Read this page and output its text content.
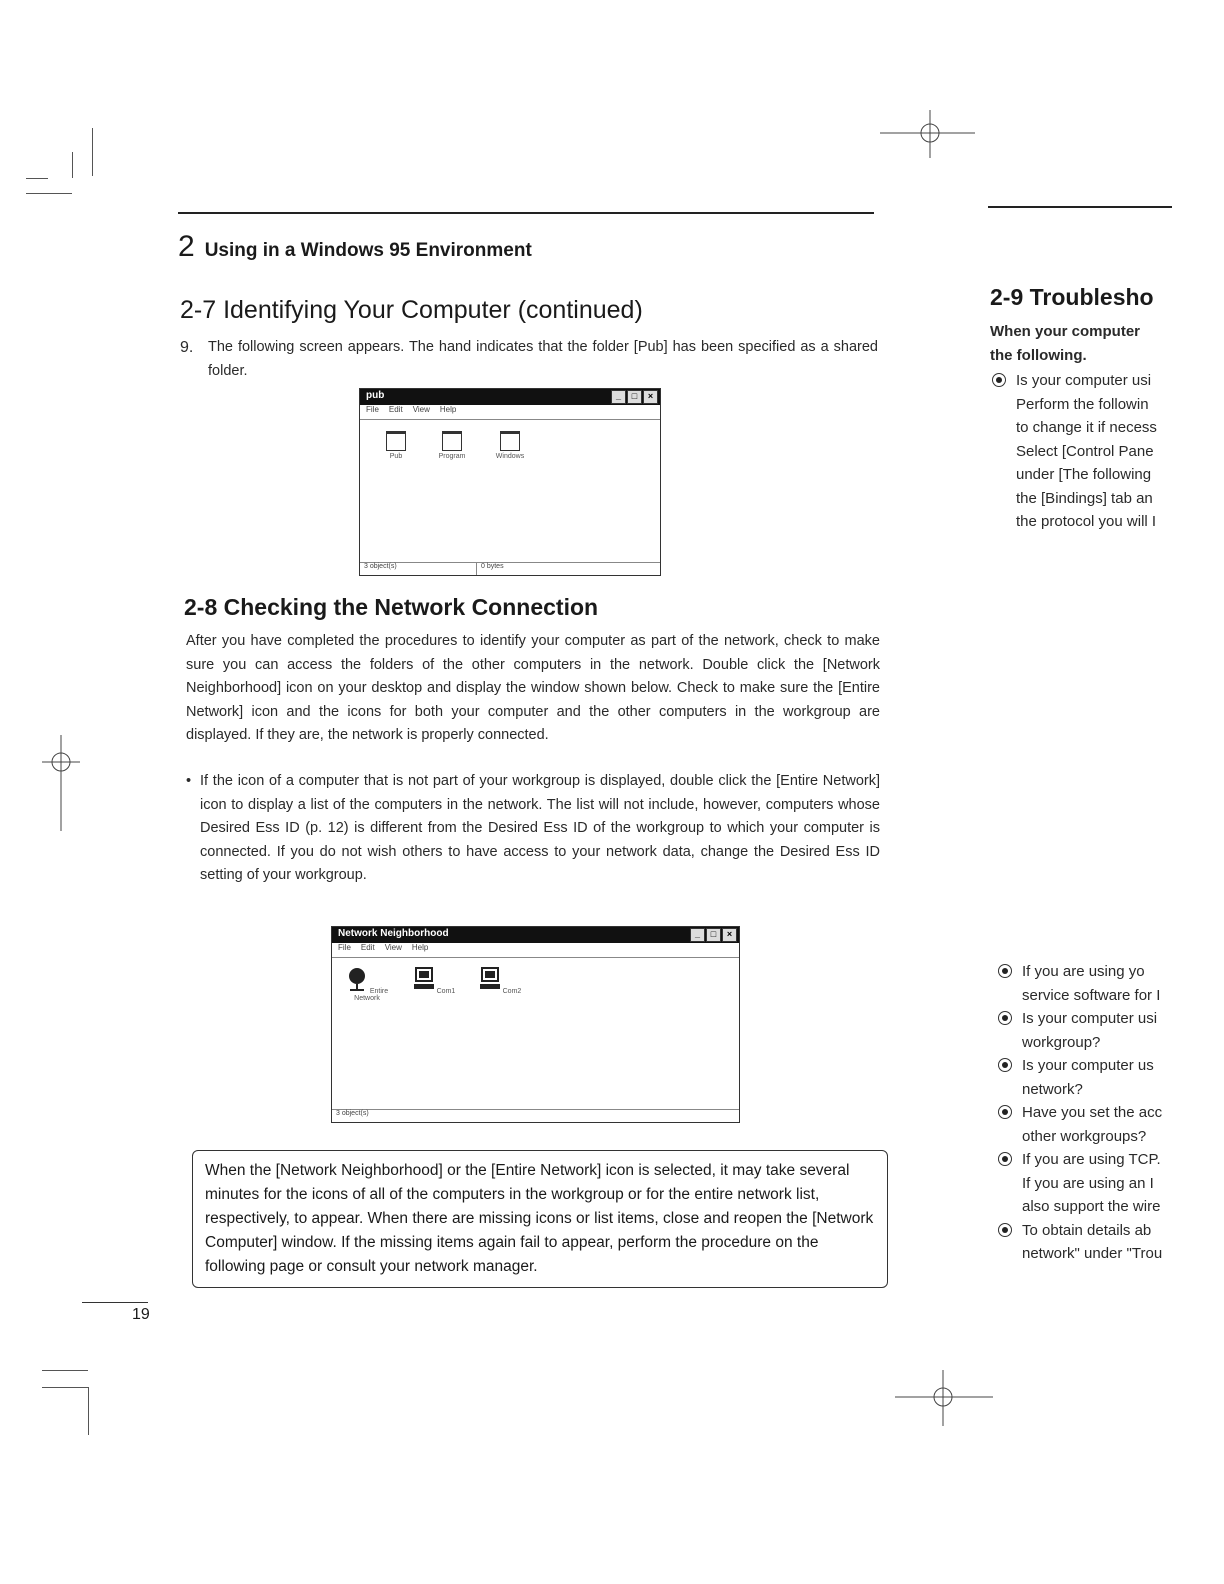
2 Using in a Windows 95 Environment
2-7 Identifying Your Computer (continued)
9. The following screen appears. The hand indicates that the folder [Pub] has been specified as a shared folder.
pub	_	□	×
File Edit View Help
Pub	Program	Windows
3 object(s)	0 bytes
2-8 Checking the Network Connection
After you have completed the procedures to identify your computer as part of the network, check to make sure you can access the folders of the other computers in the network. Double click the [Network Neighborhood] icon on your desktop and display the window shown below. Check to make sure the [Entire Network] icon and the icons for both your computer and the other computers in the workgroup are displayed. If they are, the network is properly connected.
• If the icon of a computer that is not part of your workgroup is displayed, double click the [Entire Network] icon to display a list of the computers in the network. The list will not include, however, computers whose Desired Ess ID (p. 12) is different from the Desired Ess ID of the workgroup to which your computer is connected. If you do not wish others to have access to your network data, change the Desired Ess ID setting of your workgroup.
Network Neighborhood	_	□	×
File Edit View Help
Entire Network
Com1	Com2
3 object(s)
When the [Network Neighborhood] or the [Entire Network] icon is selected, it may take several minutes for the icons of all of the computers in the workgroup or for the entire network list, respectively, to appear. When there are missing icons or list items, close and reopen the [Network Computer] window. If the missing items again fail to appear, perform the procedure on the following page or consult your network manager.
19
2-9 Troublesho
When your computer
the following.
Is your computer usi
Perform the followin
to change it if necess
Select [Control Pane
under [The following
the [Bindings] tab an
the protocol you will I
If you are using yo
service software for I
Is your computer usi
workgroup?
Is your computer us
network?
Have you set the acc
other workgroups?
If you are using TCP.
If you are using an I
also support the wire
To obtain details ab
network" under "Trou
